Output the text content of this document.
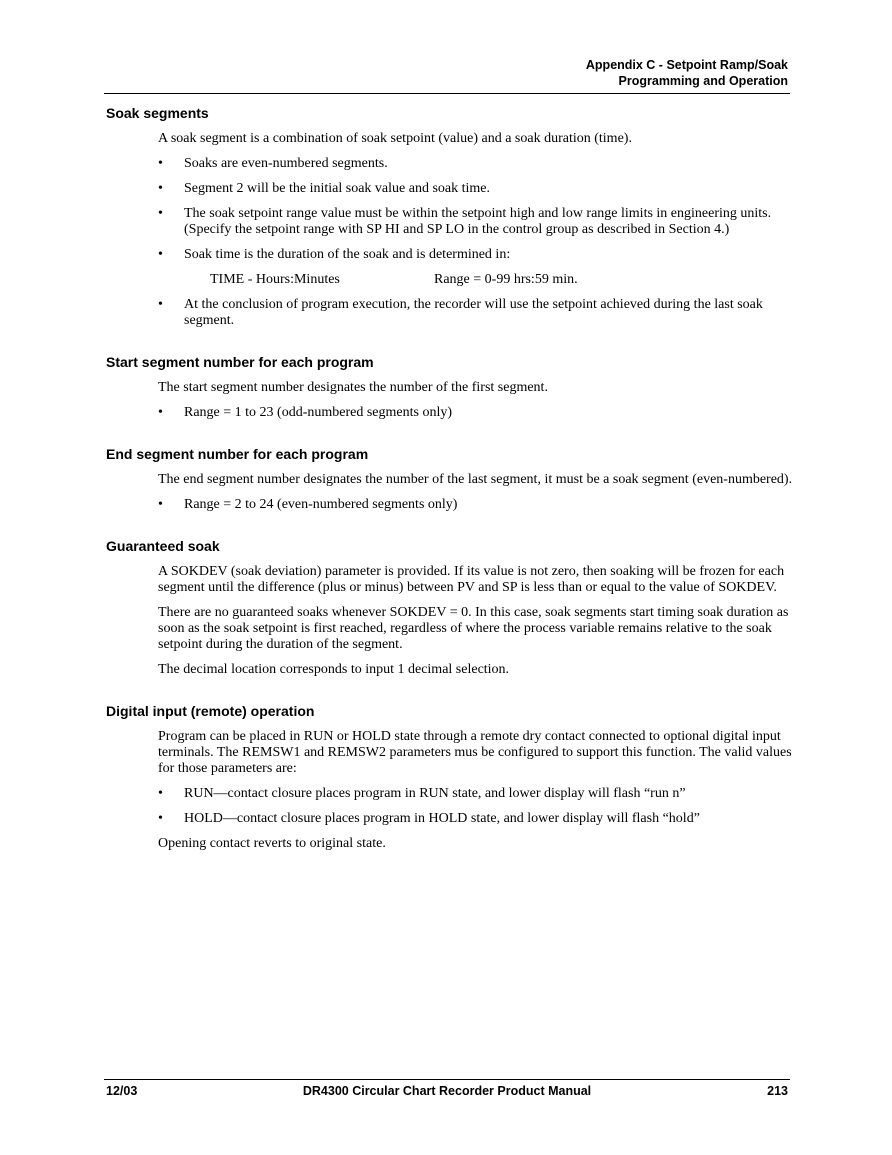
Appendix C - Setpoint Ramp/Soak
Programming and Operation
Soak segments

A soak segment is a combination of soak setpoint (value) and a soak duration (time).

• Soaks are even-numbered segments.
• Segment 2 will be the initial soak value and soak time.
• The soak setpoint range value must be within the setpoint high and low range limits in engineering units. (Specify the setpoint range with SP HI and SP LO in the control group as described in Section 4.)
• Soak time is the duration of the soak and is determined in:
TIME - Hours:Minutes	Range = 0-99 hrs:59 min.
• At the conclusion of program execution, the recorder will use the setpoint achieved during the last soak segment.
Start segment number for each program

The start segment number designates the number of the first segment.

• Range = 1 to 23 (odd-numbered segments only)
End segment number for each program

The end segment number designates the number of the last segment, it must be a soak segment (even-numbered).

• Range = 2 to 24 (even-numbered segments only)
Guaranteed soak

A SOKDEV (soak deviation) parameter is provided. If its value is not zero, then soaking will be frozen for each segment until the difference (plus or minus) between PV and SP is less than or equal to the value of SOKDEV.

There are no guaranteed soaks whenever SOKDEV = 0. In this case, soak segments start timing soak duration as soon as the soak setpoint is first reached, regardless of where the process variable remains relative to the soak setpoint during the duration of the segment.

The decimal location corresponds to input 1 decimal selection.

Digital input (remote) operation

Program can be placed in RUN or HOLD state through a remote dry contact connected to optional digital input terminals. The REMSW1 and REMSW2 parameters mus be configured to support this function. The valid values for those parameters are:

• RUN—contact closure places program in RUN state, and lower display will flash “run n”
• HOLD—contact closure places program in HOLD state, and lower display will flash “hold”

Opening contact reverts to original state.

12/03	DR4300 Circular Chart Recorder Product Manual	213
